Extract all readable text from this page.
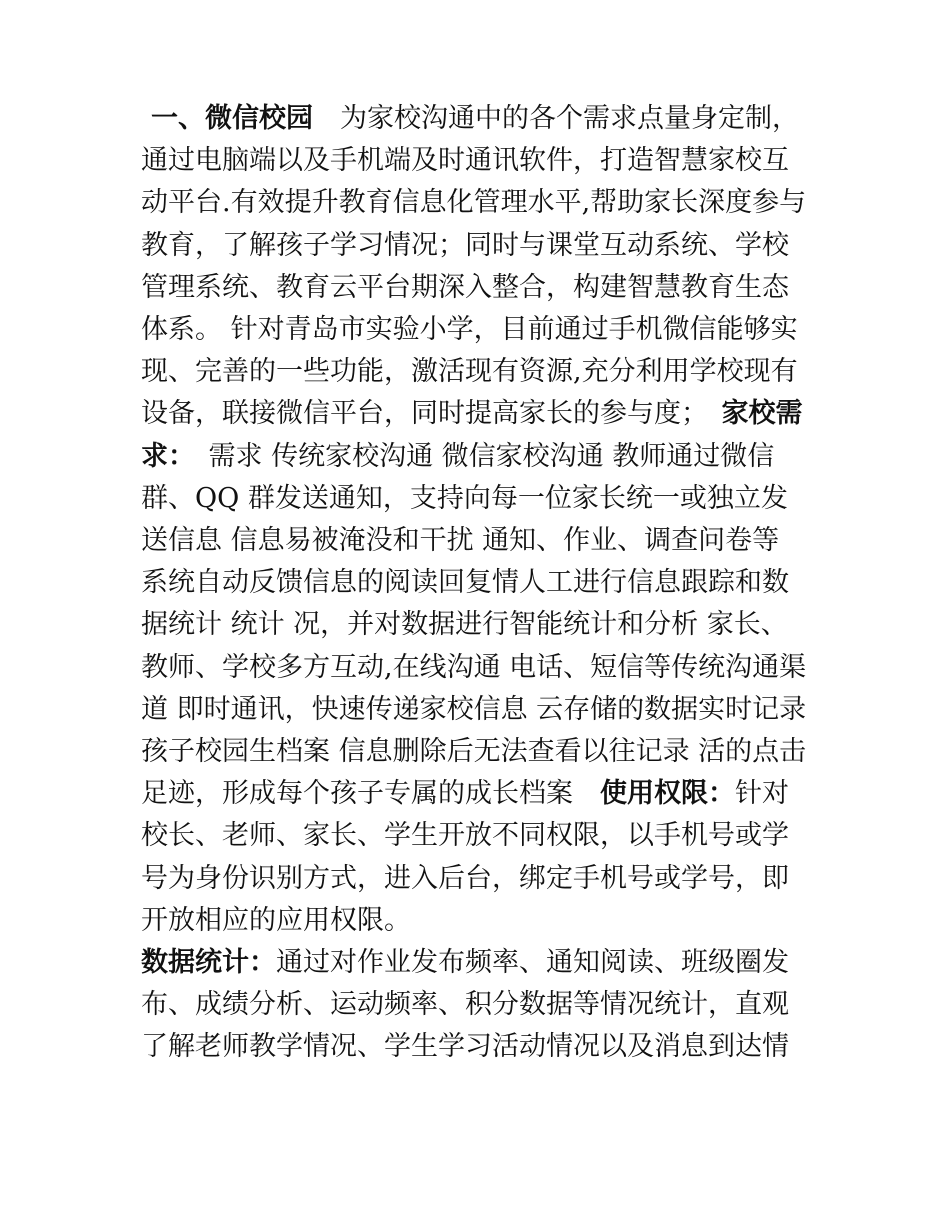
一、微信校园  为家校沟通中的各个需求点量身定制，通过电脑端以及手机端及时通讯软件，打造智慧家校互动平台.有效提升教育信息化管理水平,帮助家长深度参与教育，了解孩子学习情况；同时与课堂互动系统、学校管理系统、教育云平台期深入整合，构建智慧教育生态体系。 针对青岛市实验小学，目前通过手机微信能够实现、完善的一些功能，激活现有资源,充分利用学校现有设备，联接微信平台，同时提高家长的参与度；  家校需求：  需求 传统家校沟通 微信家校沟通 教师通过微信群、QQ 群发送通知，支持向每一位家长统一或独立发送信息 信息易被淹没和干扰 通知、作业、调查问卷等 系统自动反馈信息的阅读回复情人工进行信息跟踪和数据统计 统计 况，并对数据进行智能统计和分析 家长、教师、学校多方互动,在线沟通 电话、短信等传统沟通渠道 即时通讯，快速传递家校信息 云存储的数据实时记录孩子校园生档案 信息删除后无法查看以往记录 活的点击足迹，形成每个孩子专属的成长档案  使用权限：针对校长、老师、家长、学生开放不同权限，以手机号或学号为身份识别方式，进入后台，绑定手机号或学号，即开放相应的应用权限。

数据统计：通过对作业发布频率、通知阅读、班级圈发布、成绩分析、运动频率、积分数据等情况统计，直观了解老师教学情况、学生学习活动情况以及消息到达情
